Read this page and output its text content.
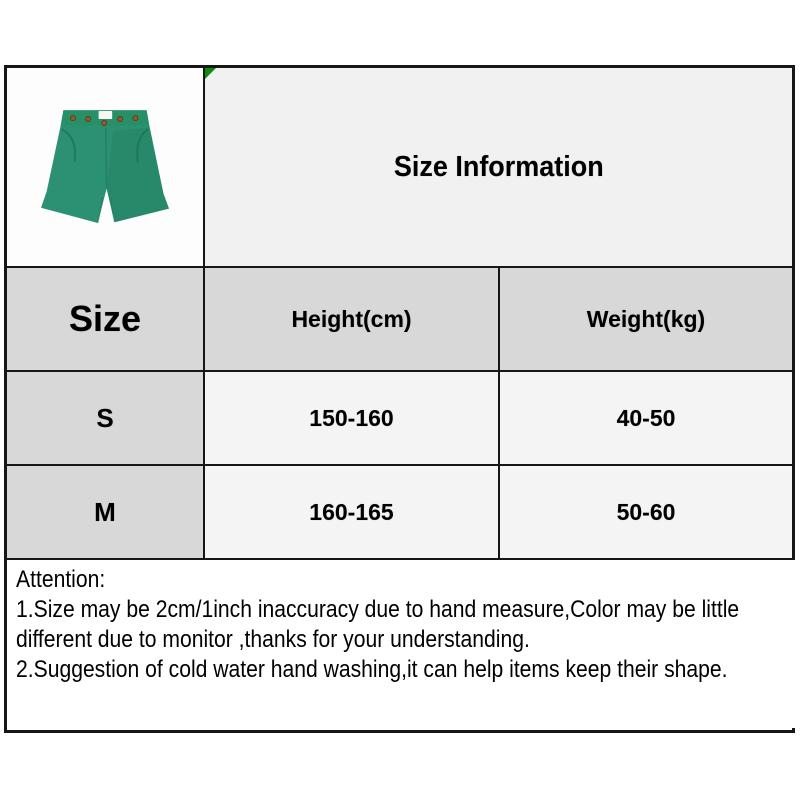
Size Information
Size	Height(cm)	Weight(kg)
S	150-160	40-50
M	160-165	50-60
Attention:
1.Size may be 2cm/1inch inaccuracy due to hand measure,Color may be little
different due to monitor ,thanks for your understanding.
2.Suggestion of cold water hand washing,it can help items keep their shape.
